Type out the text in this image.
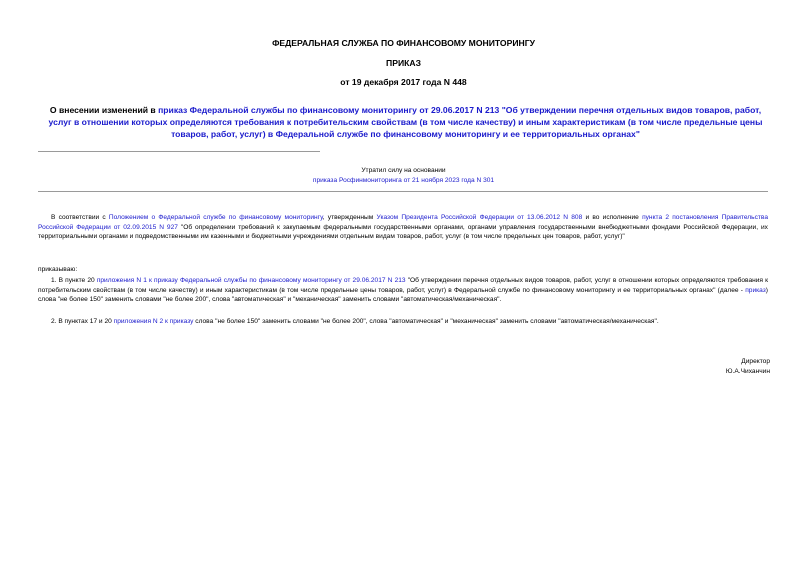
ФЕДЕРАЛЬНАЯ СЛУЖБА ПО ФИНАНСОВОМУ МОНИТОРИНГУ
ПРИКАЗ
от 19 декабря 2017 года N 448
О внесении изменений в приказ Федеральной службы по финансовому мониторингу от 29.06.2017 N 213 "Об утверждении перечня отдельных видов товаров, работ, услуг в отношении которых определяются требования к потребительским свойствам (в том числе качеству) и иным характеристикам (в том числе предельные цены товаров, работ, услуг) в Федеральной службе по финансовому мониторингу и ее территориальных органах"
Утратил силу на основании
приказа Росфинмониторинга от 21 ноября 2023 года N 301
В соответствии с Положением о Федеральной службе по финансовому мониторингу, утвержденным Указом Президента Российской Федерации от 13.06.2012 N 808 и во исполнение пункта 2 постановления Правительства Российской Федерации от 02.09.2015 N 927 "Об определении требований к закупаемым федеральными государственными органами, органами управления государственными внебюджетными фондами Российской Федерации, их территориальными органами и подведомственными им казенными и бюджетными учреждениями отдельным видам товаров, работ, услуг (в том числе предельных цен товаров, работ, услуг)"
приказываю:
1. В пункте 20 приложения N 1 к приказу Федеральной службы по финансовому мониторингу от 29.06.2017 N 213 "Об утверждении перечня отдельных видов товаров, работ, услуг в отношении которых определяются требования к потребительским свойствам (в том числе качеству) и иным характеристикам (в том числе предельные цены товаров, работ, услуг) в Федеральной службе по финансовому мониторингу и ее территориальных органах" (далее - приказ) слова "не более 150" заменить словами "не более 200", слова "автоматическая" и "механическая" заменить словами "автоматическая/механическая".
2. В пунктах 17 и 20 приложения N 2 к приказу слова "не более 150" заменить словами "не более 200", слова "автоматическая" и "механическая" заменить словами "автоматическая/механическая".
Директор
Ю.А.Чиханчин
